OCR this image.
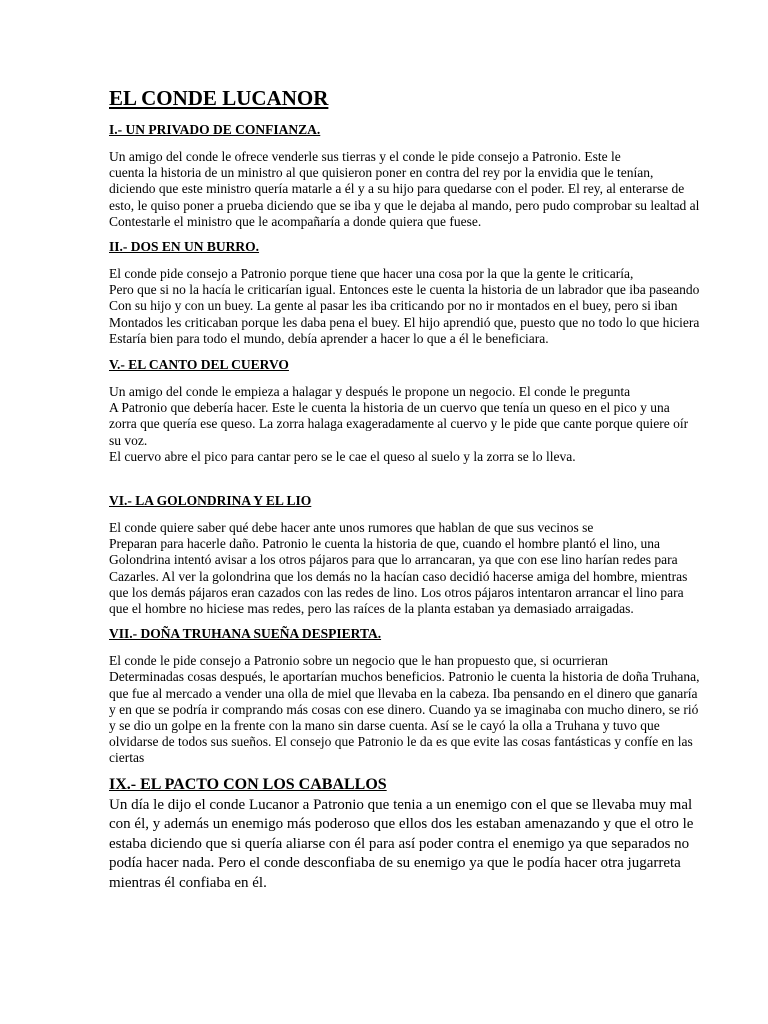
EL CONDE LUCANOR
I.- UN PRIVADO DE CONFIANZA.
Un amigo del conde le ofrece venderle sus tierras y el conde le pide consejo a Patronio. Este le
cuenta la historia de un ministro al que quisieron poner en contra del rey por la envidia que le tenían,
diciendo que este ministro quería matarle a él y a su hijo para quedarse con el poder. El rey, al enterarse de
esto, le quiso poner a prueba diciendo que se iba y que le dejaba al mando, pero pudo comprobar su lealtad al
Contestarle el ministro que le acompañaría a donde quiera que fuese.
II.- DOS EN UN BURRO.
El conde pide consejo a Patronio porque tiene que hacer una cosa por la que la gente le criticaría,
Pero que si no la hacía le criticarían igual. Entonces este le cuenta la historia de un labrador que iba paseando
Con su hijo y con un buey. La gente al pasar les iba criticando por no ir montados en el buey, pero si iban
Montados les criticaban porque les daba pena el buey. El hijo aprendió que, puesto que no todo lo que hiciera
Estaría bien para todo el mundo, debía aprender a hacer lo que a él le beneficiara.
V.- EL CANTO DEL CUERVO
Un amigo del conde le empieza a halagar y después le propone un negocio. El conde le pregunta
A Patronio que debería hacer. Este le cuenta la historia de un cuervo que tenía un queso en el pico y una
zorra que quería ese queso. La zorra halaga exageradamente al cuervo y le pide que cante porque quiere oír
su voz.
El cuervo abre el pico para cantar pero se le cae el queso al suelo y la zorra se lo lleva.
VI.- LA GOLONDRINA Y EL LIO
El conde quiere saber qué debe hacer ante unos rumores que hablan de que sus vecinos se
Preparan para hacerle daño. Patronio le cuenta la historia de que, cuando el hombre plantó el lino, una
Golondrina intentó avisar a los otros pájaros para que lo arrancaran, ya que con ese lino harían redes para
Cazarles. Al ver la golondrina que los demás no la hacían caso decidió hacerse amiga del hombre, mientras
que los demás pájaros eran cazados con las redes de lino. Los otros pájaros intentaron arrancar el lino para
que el hombre no hiciese mas redes, pero las raíces de la planta estaban ya demasiado arraigadas.
VII.- DOÑA TRUHANA SUEÑA DESPIERTA.
El conde le pide consejo a Patronio sobre un negocio que le han propuesto que, si ocurrieran
Determinadas cosas después, le aportarían muchos beneficios. Patronio le cuenta la historia de doña Truhana,
que fue al mercado a vender una olla de miel que llevaba en la cabeza. Iba pensando en el dinero que ganaría
y en que se podría ir comprando más cosas con ese dinero. Cuando ya se imaginaba con mucho dinero, se rió
y se dio un golpe en la frente con la mano sin darse cuenta. Así se le cayó la olla a Truhana y tuvo que
olvidarse de todos sus sueños. El consejo que Patronio le da es que evite las cosas fantásticas y confíe en las
ciertas
IX.- EL PACTO CON LOS CABALLOS
Un día le dijo el conde Lucanor a Patronio que tenia a un enemigo con el que se llevaba muy mal
con él, y además un enemigo más poderoso que ellos dos les estaban amenazando y que el otro le
estaba diciendo que si quería aliarse con él para así poder contra el enemigo ya que separados no
podía hacer nada. Pero el conde desconfiaba de su enemigo ya que le podía hacer otra jugarreta
mientras él confiaba en él.
